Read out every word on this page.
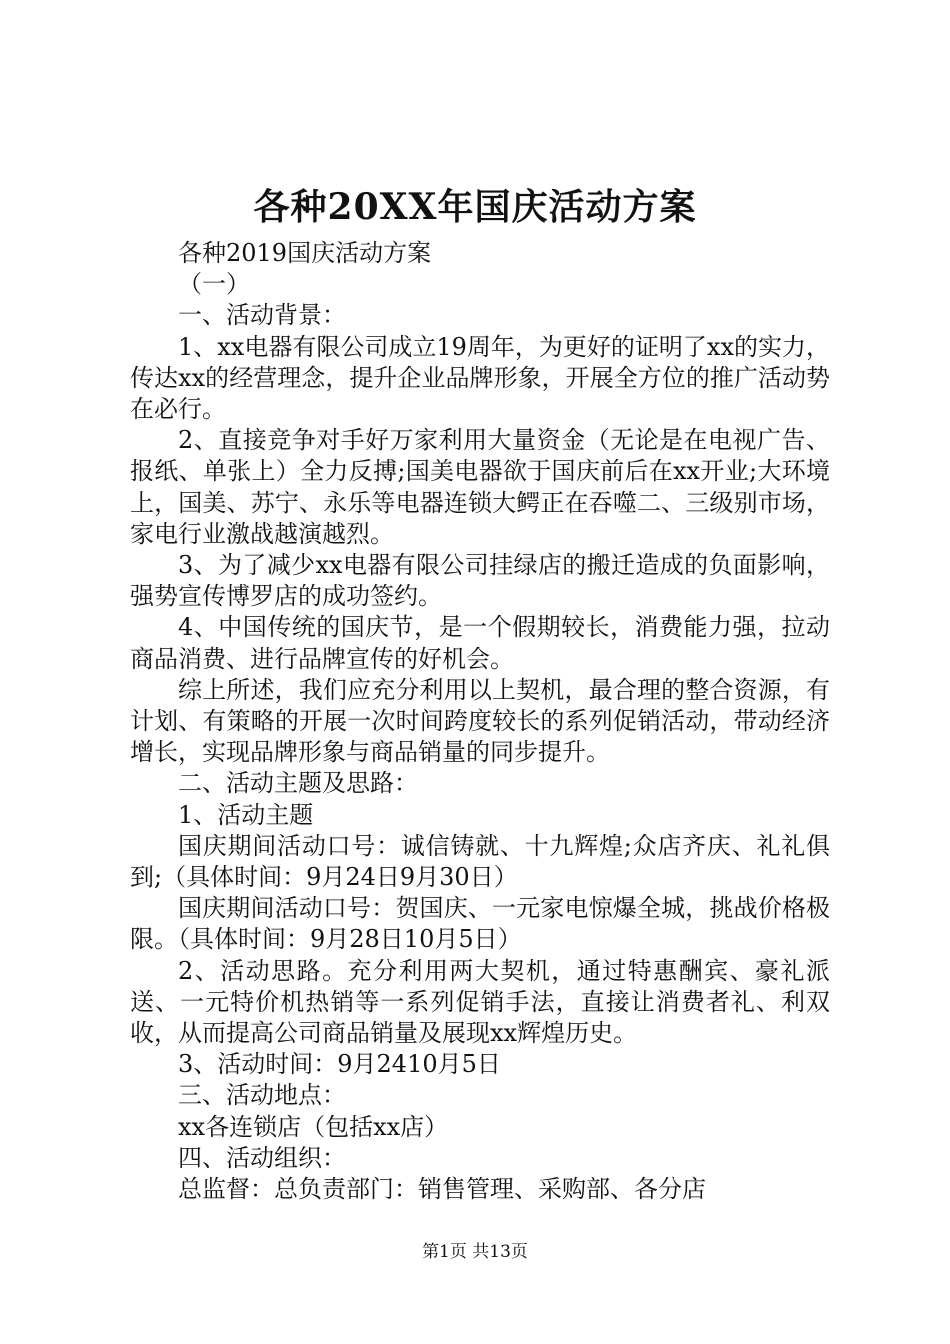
各种20XX年国庆活动方案

各种2019国庆活动方案

（一）

一、活动背景：

1、xx电器有限公司成立19周年，为更好的证明了xx的实力，传达xx的经营理念，提升企业品牌形象，开展全方位的推广活动势在必行。

2、直接竞争对手好万家利用大量资金（无论是在电视广告、报纸、单张上）全力反搏;国美电器欲于国庆前后在xx开业;大环境上，国美、苏宁、永乐等电器连锁大鳄正在吞噬二、三级别市场，家电行业激战越演越烈。

3、为了减少xx电器有限公司挂绿店的搬迁造成的负面影响，强势宣传博罗店的成功签约。

4、中国传统的国庆节，是一个假期较长，消费能力强，拉动商品消费、进行品牌宣传的好机会。

综上所述，我们应充分利用以上契机，最合理的整合资源，有计划、有策略的开展一次时间跨度较长的系列促销活动，带动经济增长，实现品牌形象与商品销量的同步提升。

二、活动主题及思路：

1、活动主题

国庆期间活动口号：诚信铸就、十九辉煌;众店齐庆、礼礼俱到;（具体时间：9月24日9月30日）

国庆期间活动口号：贺国庆、一元家电惊爆全城，挑战价格极限。（具体时间：9月28日10月5日）

2、活动思路。充分利用两大契机，通过特惠酬宾、豪礼派送、一元特价机热销等一系列促销手法，直接让消费者礼、利双收，从而提高公司商品销量及展现xx辉煌历史。

3、活动时间：9月2410月5日

三、活动地点：

xx各连锁店（包括xx店）

四、活动组织：

总监督：总负责部门：销售管理、采购部、各分店

第1页 共13页
